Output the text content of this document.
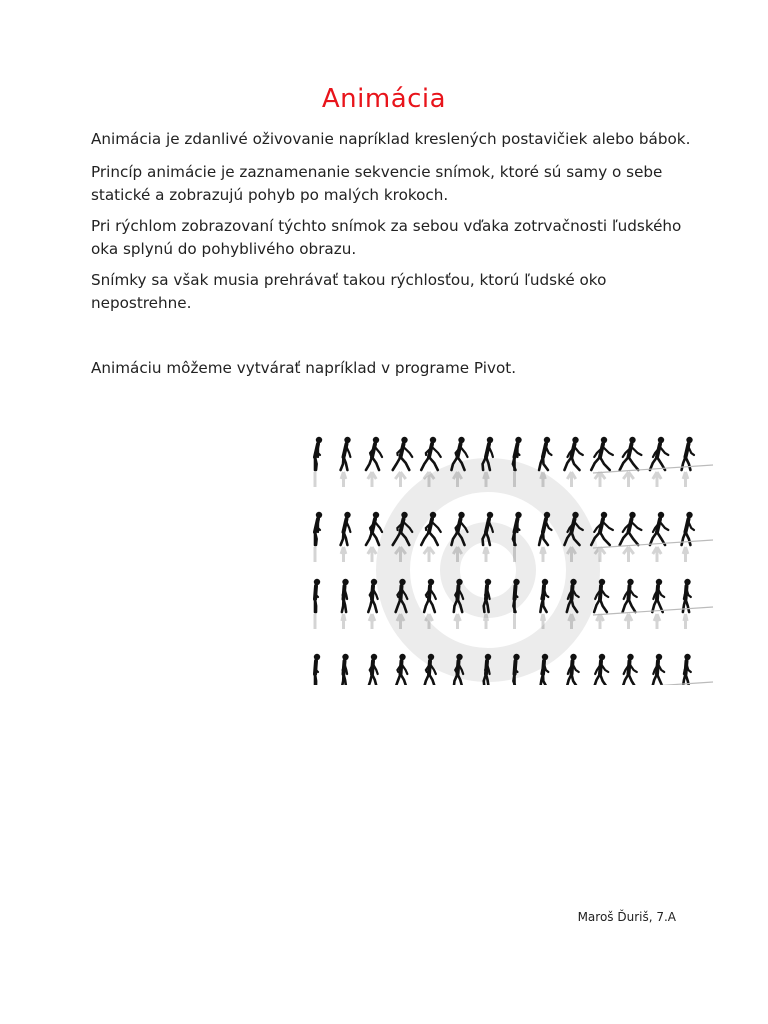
Animácia
Animácia je zdanlivé oživovanie napríklad kreslených postavičiek alebo bábok.
Princíp animácie je zaznamenanie sekvencie snímok, ktoré sú samy o sebe statické a zobrazujú pohyb po malých krokoch.
Pri rýchlom zobrazovaní týchto snímok za sebou vďaka zotrvačnosti ľudského oka splynú do pohyblivého obrazu.
Snímky sa však musia prehrávať takou rýchlosťou, ktorú ľudské oko nepostrehne.
Animáciu môžeme vytvárať napríklad v programe Pivot.
Maroš Ďuriš, 7.A
